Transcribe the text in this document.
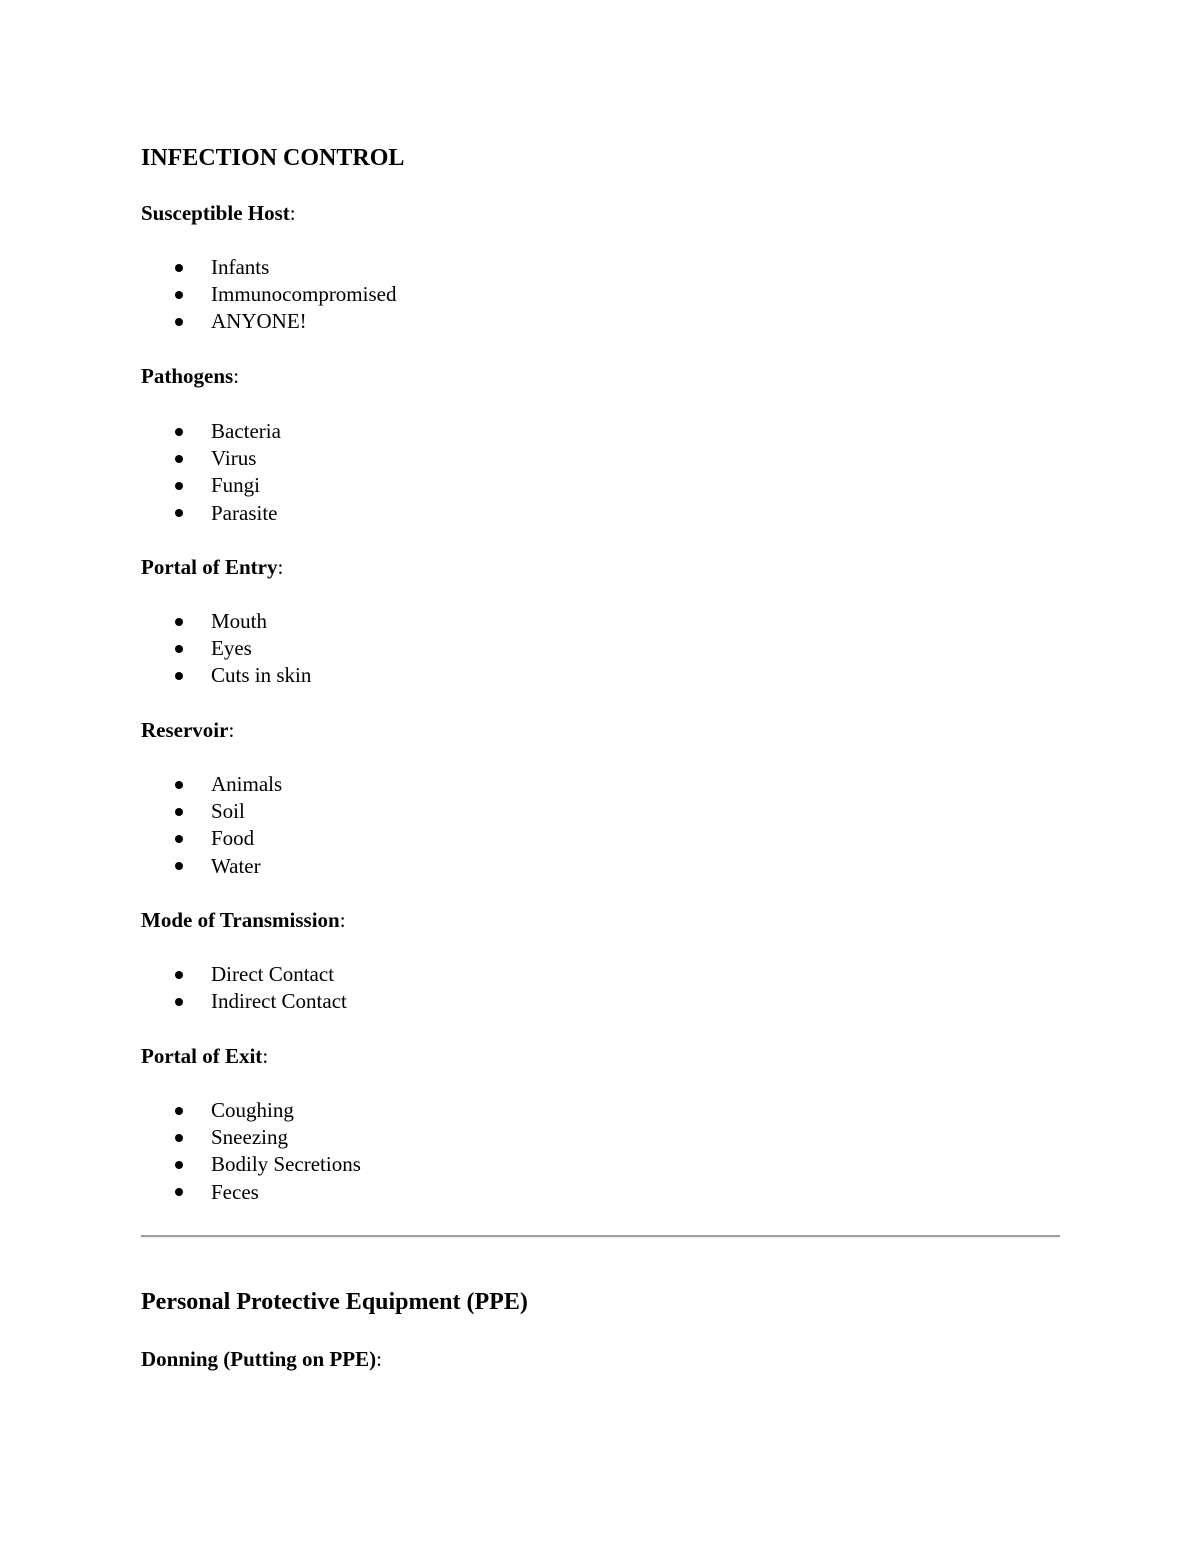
INFECTION CONTROL

Susceptible Host:

Infants
Immunocompromised
ANYONE!

Pathogens:

Bacteria
Virus
Fungi
Parasite

Portal of Entry:

Mouth
Eyes
Cuts in skin

Reservoir:

Animals
Soil
Food
Water

Mode of Transmission:

Direct Contact
Indirect Contact

Portal of Exit:

Coughing
Sneezing
Bodily Secretions
Feces
Personal Protective Equipment (PPE)

Donning (Putting on PPE):
